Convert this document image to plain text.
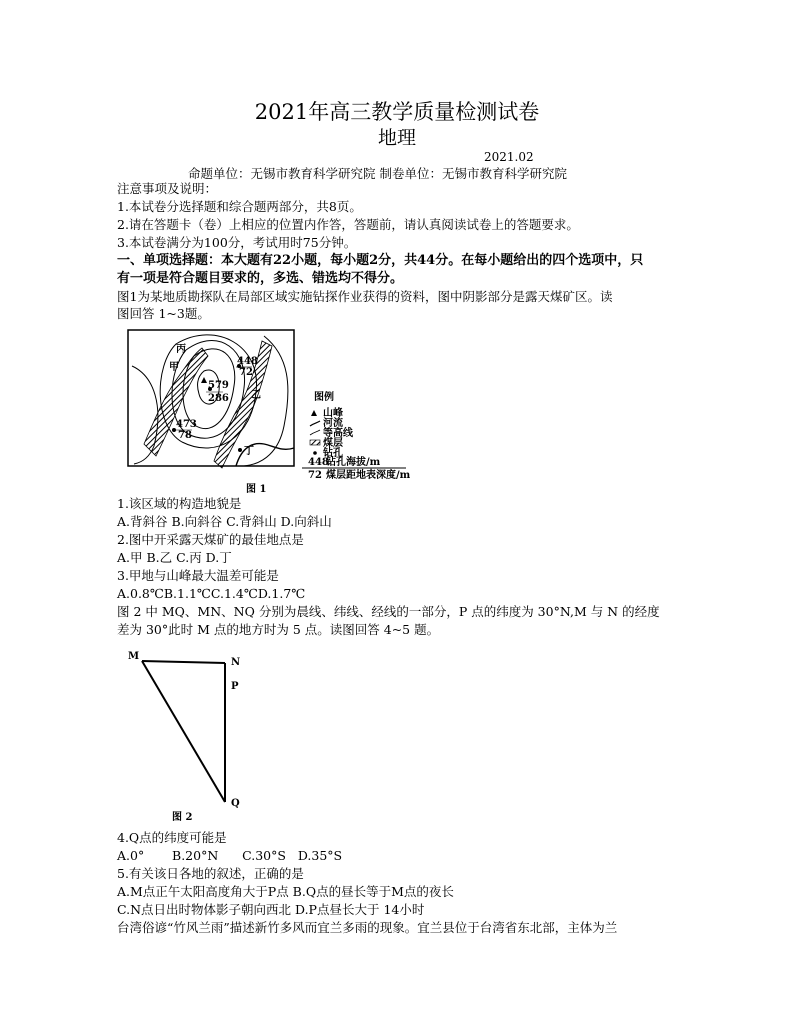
2021年高三教学质量检测试卷
地理
2021.02
命题单位：无锡市教育科学研究院 制卷单位：无锡市教育科学研究院
注意事项及说明：
1.本试卷分选择题和综合题两部分，共8页。
2.请在答题卡（卷）上相应的位置内作答，答题前，请认真阅读试卷上的答题要求。
3.本试卷满分为100分，考试用时75分钟。
一、单项选择题：本大题有22小题，每小题2分，共44分。在每小题给出的四个选项中，只
有一项是符合题目要求的，多选、错选均不得分。
图1为某地质勘探队在局部区域实施钻探作业获得的资料，图中阴影部分是露天煤矿区。读
图回答 1~3题。
448
72
579
286
473
78
甲
乙
丙
丁
图例
山峰
河流
等高线
煤层
钻孔
448
钻孔海拔/m
72 煤层距地表深度/m
图 1
1.该区域的构造地貌是
A.背斜谷 B.向斜谷 C.背斜山 D.向斜山
2.图中开采露天煤矿的最佳地点是
A.甲 B.乙 C.丙 D.丁
3.甲地与山峰最大温差可能是
A.0.8℃B.1.1℃C.1.4℃D.1.7℃
图 2 中 MQ、MN、NQ 分别为晨线、纬线、经线的一部分，P 点的纬度为 30°N,M 与 N 的经度
差为 30°此时 M 点的地方时为 5 点。读图回答 4~5 题。
M
N
P
Q
图 2
4.Q点的纬度可能是
A.0°       B.20°N      C.30°S   D.35°S
5.有关该日各地的叙述，正确的是
A.M点正午太阳高度角大于P点 B.Q点的昼长等于M点的夜长
C.N点日出时物体影子朝向西北 D.P点昼长大于 14小时
台湾俗谚“竹风兰雨”描述新竹多风而宜兰多雨的现象。宜兰县位于台湾省东北部，主体为兰
